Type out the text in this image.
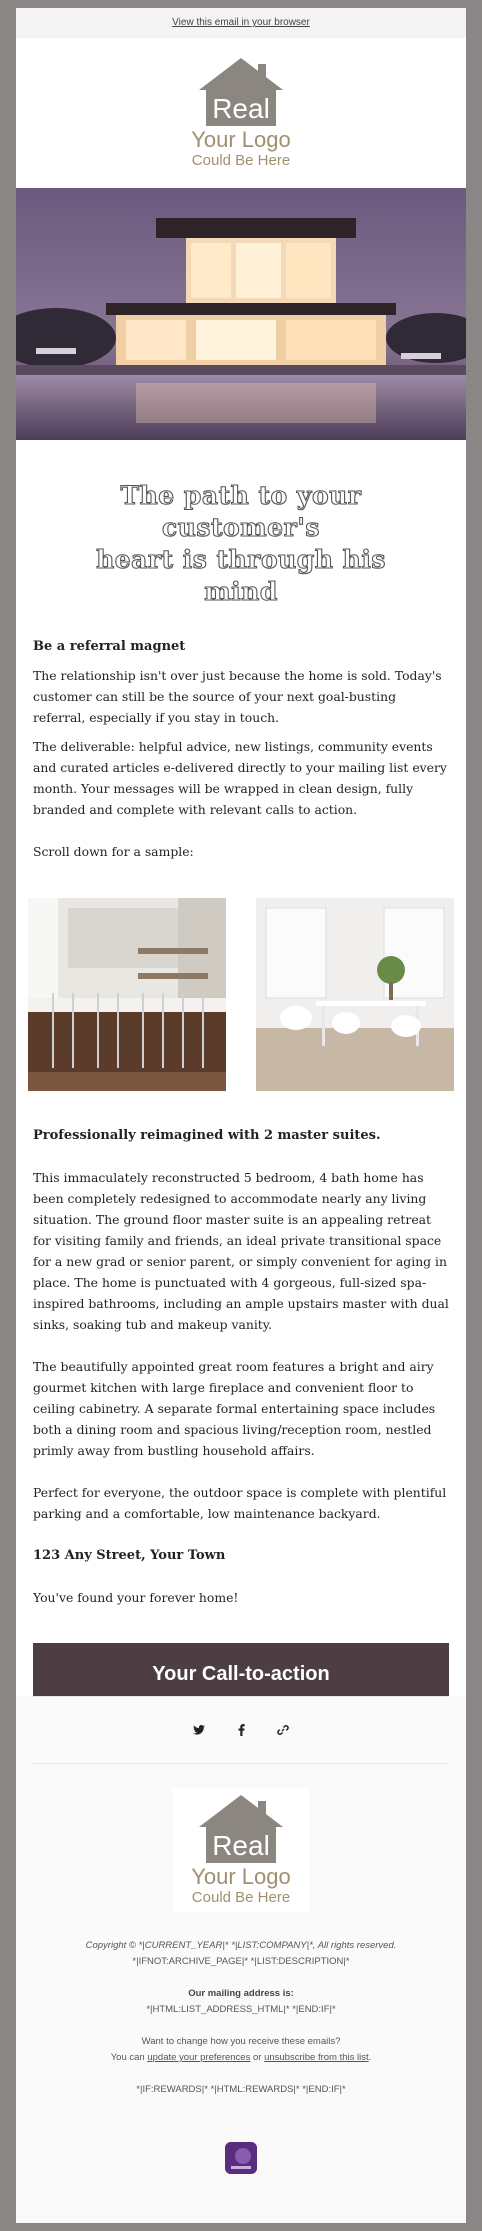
View this email in your browser
Real
Your Logo
Could Be Here
The path to your customer's
heart is through his mind

Be a referral magnet

The relationship isn't over just because the home is sold. Today's customer can still be the source of your next goal-busting referral, especially if you stay in touch.

The deliverable: helpful advice, new listings, community events and curated articles e-delivered directly to your mailing list every month. Your messages will be wrapped in clean design, fully branded and complete with relevant calls to action.

Scroll down for a sample:

Professionally reimagined with 2 master suites.

This immaculately reconstructed 5 bedroom, 4 bath home has been completely redesigned to accommodate nearly any living situation. The ground floor master suite is an appealing retreat for visiting family and friends, an ideal private transitional space for a new grad or senior parent, or simply convenient for aging in place. The home is punctuated with 4 gorgeous, full-sized spa-inspired bathrooms, including an ample upstairs master with dual sinks, soaking tub and makeup vanity.

The beautifully appointed great room features a bright and airy gourmet kitchen with large fireplace and convenient floor to ceiling cabinetry. A separate formal entertaining space includes both a dining room and spacious living/reception room, nestled primly away from bustling household affairs.

Perfect for everyone, the outdoor space is complete with plentiful parking and a comfortable, low maintenance backyard.

123 Any Street, Your Town

You've found your forever home!

Your Call-to-action
Real
Your Logo
Could Be Here
Copyright © *|CURRENT_YEAR|* *|LIST:COMPANY|*, All rights reserved.
*|IFNOT:ARCHIVE_PAGE|* *|LIST:DESCRIPTION|*
Our mailing address is:
*|HTML:LIST_ADDRESS_HTML|* *|END:IF|*
Want to change how you receive these emails?
You can update your preferences or unsubscribe from this list.
*|IF:REWARDS|* *|HTML:REWARDS|* *|END:IF|*
